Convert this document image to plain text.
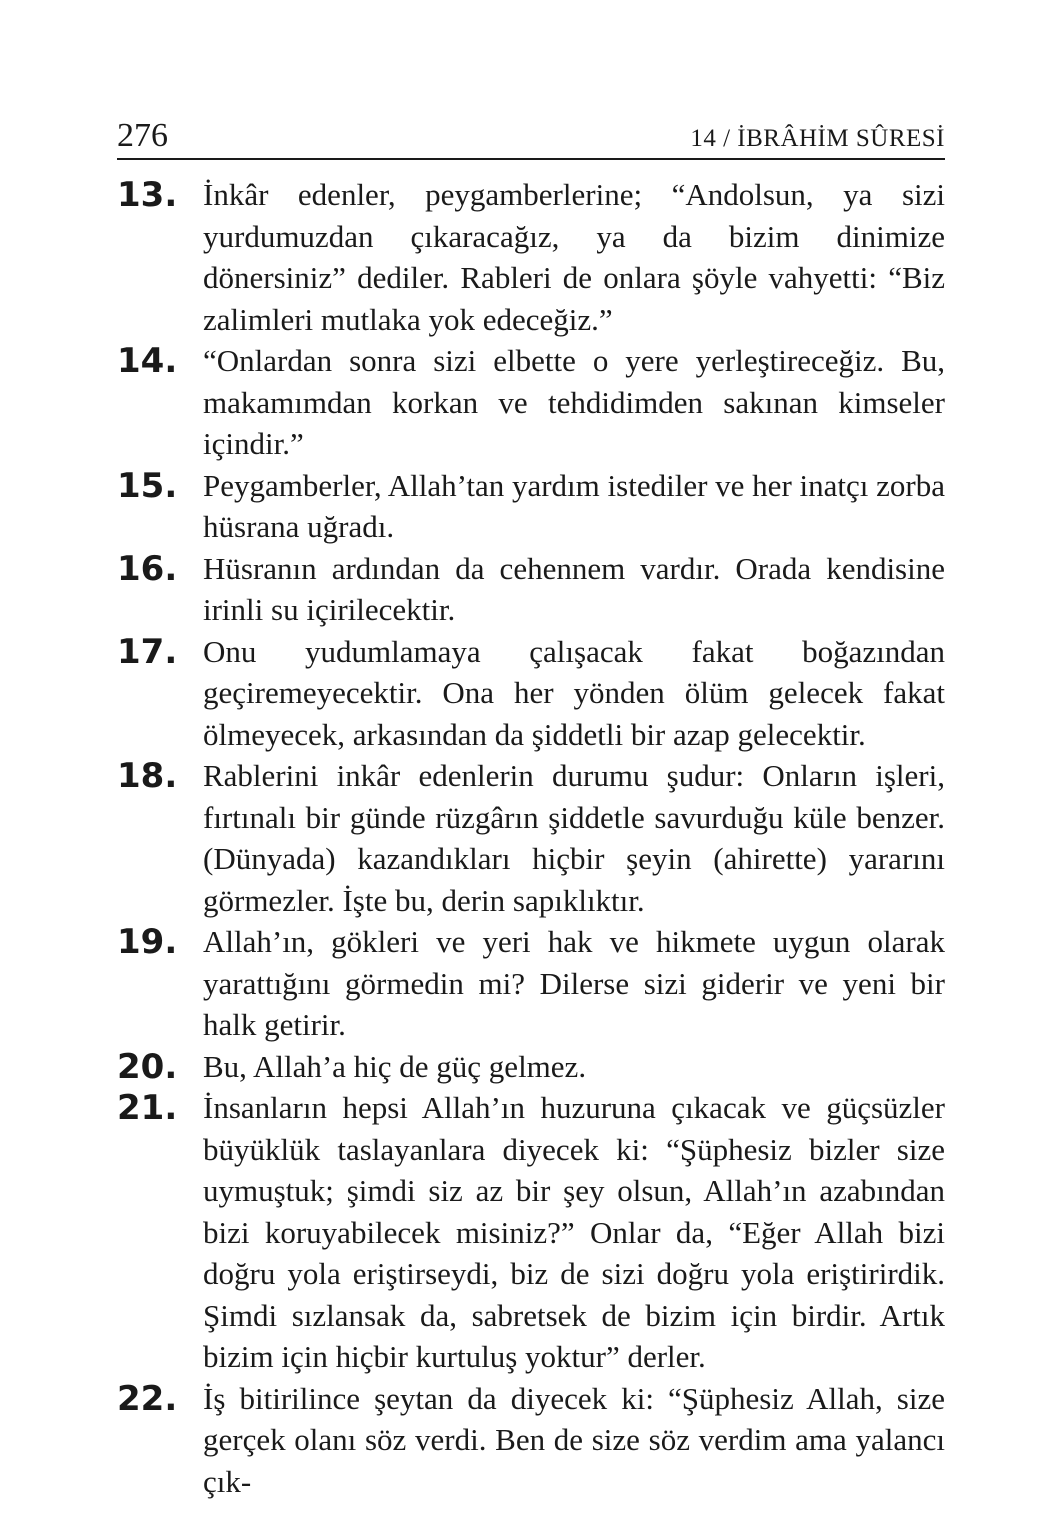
276	14 / İBRÂHİM SÛRESİ
13. İnkâr edenler, peygamberlerine; “Andolsun, ya sizi yurdumuzdan çıkaracağız, ya da bizim dinimize dönersiniz” dediler. Rableri de onlara şöyle vahyetti: “Biz zalimleri mutlaka yok edeceğiz.”
14. “Onlardan sonra sizi elbette o yere yerleştireceğiz. Bu, makamımdan korkan ve tehdidimden sakınan kimseler içindir.”
15. Peygamberler, Allah’tan yardım istediler ve her inatçı zorba hüsrana uğradı.
16. Hüsranın ardından da cehennem vardır. Orada kendisine irinli su içirilecektir.
17. Onu yudumlamaya çalışacak fakat boğazından geçiremeyecektir. Ona her yönden ölüm gelecek fakat ölmeyecek, arkasından da şiddetli bir azap gelecektir.
18. Rablerini inkâr edenlerin durumu şudur: Onların işleri, fırtınalı bir günde rüzgârın şiddetle savurduğu küle benzer. (Dünyada) kazandıkları hiçbir şeyin (ahirette) yararını görmezler. İşte bu, derin sapıklıktır.
19. Allah’ın, gökleri ve yeri hak ve hikmete uygun olarak yarattığını görmedin mi? Dilerse sizi giderir ve yeni bir halk getirir.
20. Bu, Allah’a hiç de güç gelmez.
21. İnsanların hepsi Allah’ın huzuruna çıkacak ve güçsüzler büyüklük taslayanlara diyecek ki: “Şüphesiz bizler size uymuştuk; şimdi siz az bir şey olsun, Allah’ın azabından bizi koruyabilecek misiniz?” Onlar da, “Eğer Allah bizi doğru yola eriştirseydi, biz de sizi doğru yola eriştirirdik. Şimdi sızlansak da, sabretsek de bizim için birdir. Artık bizim için hiçbir kurtuluş yoktur” derler.
22. İş bitirilince şeytan da diyecek ki: “Şüphesiz Allah, size gerçek olanı söz verdi. Ben de size söz verdim ama yalancı çık-
